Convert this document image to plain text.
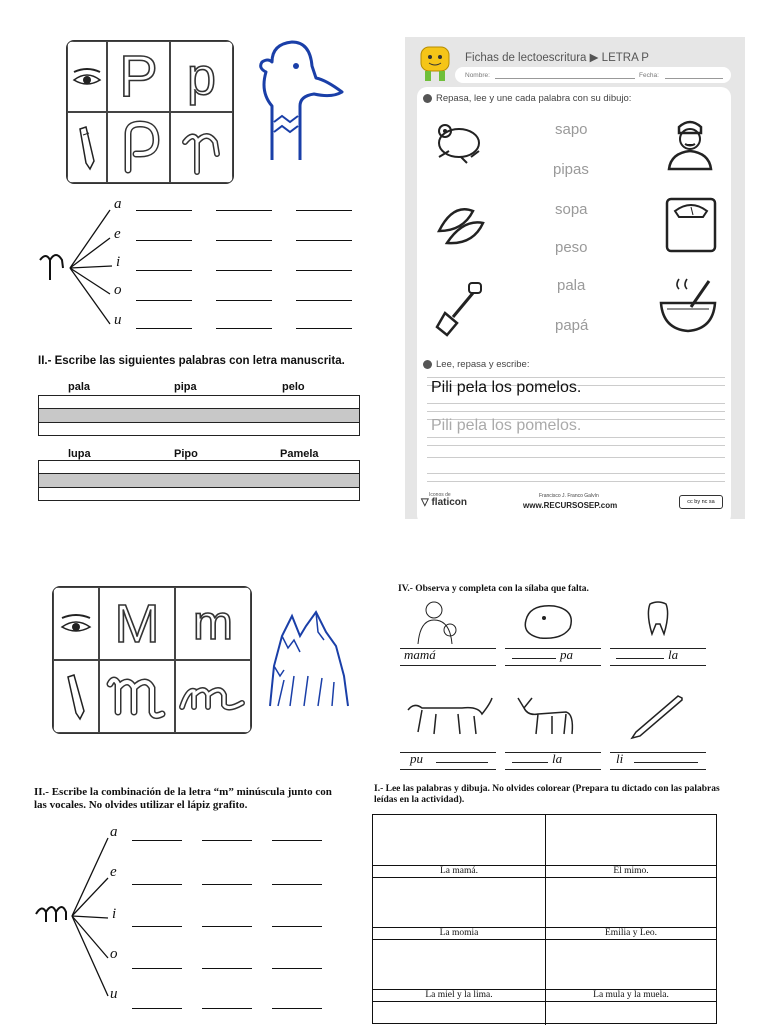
P p
a
e
i
o
u
II.- Escribe las siguientes palabras con letra manuscrita.
pala	pipa	pelo
lupa	Pipo	Pamela
Fichas de lectoescritura ▶ LETRA P
Nombre:	Fecha:
Repasa, lee y une cada palabra con su dibujo:
sapo
pipas
sopa
peso
pala
papá
Lee, repasa y escribe:
Pili pela los pomelos.
Pili pela los pomelos.
Iconos de
▽ flaticon
Francisco J. Franco Galvín
www.RECURSOSEP.com	cc by nc sa
M m
IV.- Observa y completa con la sílaba que falta.
mamá	pa	la
pu	la	li
II.- Escribe la combinación de la letra “m” minúscula junto con las vocales. No olvides utilizar el lápiz grafito.
a
e
i
o
u
I.- Lee las palabras y dibuja. No olvides colorear (Prepara tu dictado con las palabras leídas en la actividad).
La mamá.	El mimo.
La momia	Emilia y Leo.
La miel y la lima.	La mula y la muela.
